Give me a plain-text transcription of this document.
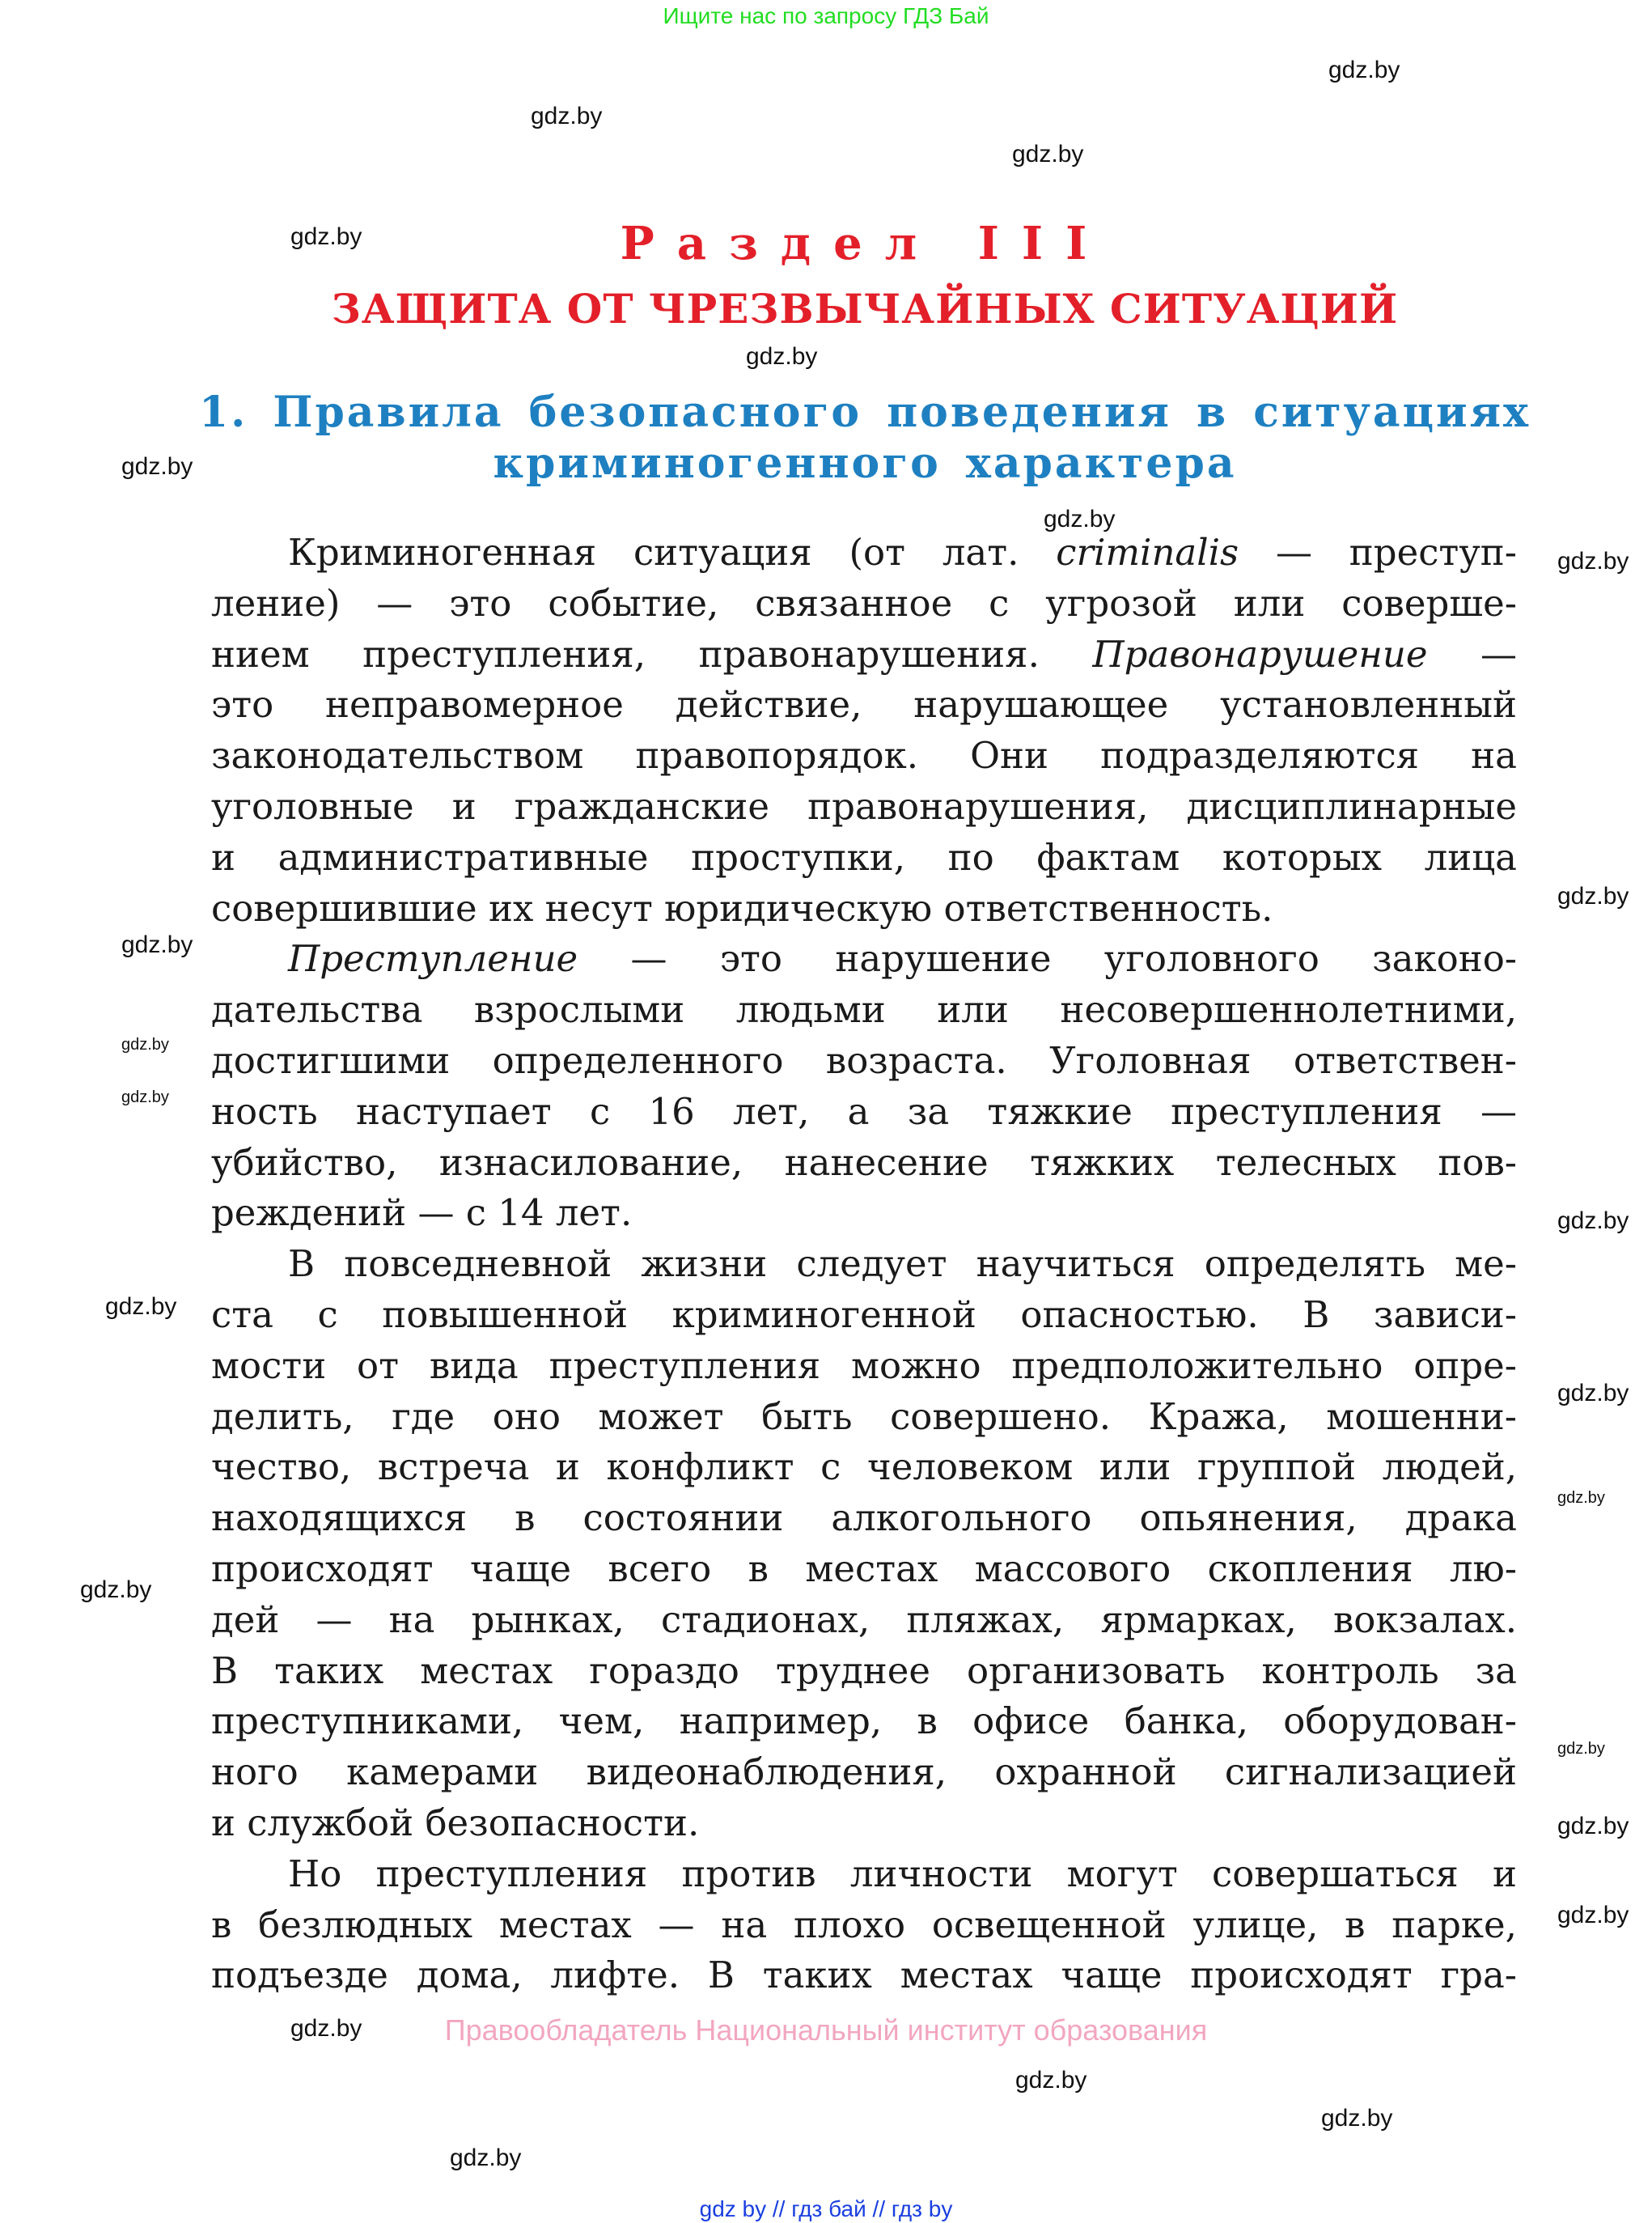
Ищите нас по запросу ГДЗ Бай
Раздел III
ЗАЩИТА ОТ ЧРЕЗВЫЧАЙНЫХ СИТУАЦИЙ
1. Правила безопасного поведения в ситуациях
криминогенного характера
Криминогенная ситуация (от лат. criminalis — преступ-
ление) — это событие, связанное с угрозой или соверше-
нием преступления, правонарушения. Правонарушение —
это неправомерное действие, нарушающее установленный
законодательством правопорядок. Они подразделяются на
уголовные и гражданские правонарушения, дисциплинарные
и административные проступки, по фактам которых лица
совершившие их несут юридическую ответственность.
Преступление — это нарушение уголовного законо-
дательства взрослыми людьми или несовершеннолетними,
достигшими определенного возраста. Уголовная ответствен-
ность наступает с 16 лет, а за тяжкие преступления —
убийство, изнасилование, нанесение тяжких телесных пов-
реждений — с 14 лет.
В повседневной жизни следует научиться определять ме-
ста с повышенной криминогенной опасностью. В зависи-
мости от вида преступления можно предположительно опре-
делить, где оно может быть совершено. Кража, мошенни-
чество, встреча и конфликт с человеком или группой людей,
находящихся в состоянии алкогольного опьянения, драка
происходят чаще всего в местах массового скопления лю-
дей — на рынках, стадионах, пляжах, ярмарках, вокзалах.
В таких местах гораздо труднее организовать контроль за
преступниками, чем, например, в офисе банка, оборудован-
ного камерами видеонаблюдения, охранной сигнализацией
и службой безопасности.
Но преступления против личности могут совершаться и
в безлюдных местах — на плохо освещенной улице, в парке,
подъезде дома, лифте. В таких местах чаще происходят гра-
Правообладатель Национальный институт образования
gdz by // гдз бай // гдз by
gdz.by
gdz.by
gdz.by
gdz.by
gdz.by
gdz.by
gdz.by
gdz.by
gdz.by
gdz.by
gdz.by
gdz.by
gdz.by
gdz.by
gdz.by
gdz.by
gdz.by
gdz.by
gdz.by
gdz.by
gdz.by
gdz.by
gdz.by
gdz.by
